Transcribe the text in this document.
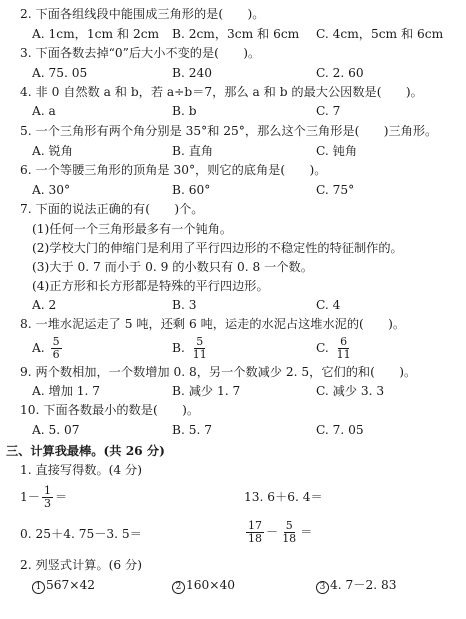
2. 下面各组线段中能围成三角形的是(　　)。
A. 1cm，1cm 和 2cm B. 2cm，3cm 和 6cm C. 4cm，5cm 和 6cm
3. 下面各数去掉“0”后大小不变的是(　　)。
A. 75. 05	B. 240	C. 2. 60
4. 非 0 自然数 a 和 b，若 a÷b＝7，那么 a 和 b 的最大公因数是(　　)。
A. a	B. b	C. 7
5. 一个三角形有两个角分别是 35°和 25°，那么这个三角形是(　　)三角形。
A. 锐角	B. 直角	C. 钝角
6. 一个等腰三角形的顶角是 30°，则它的底角是(　　)。
A. 30°	B. 60°	C. 75°
7. 下面的说法正确的有(　　)个。
(1)任何一个三角形最多有一个钝角。
(2)学校大门的伸缩门是利用了平行四边形的不稳定性的特征制作的。
(3)大于 0. 7 而小于 0. 9 的小数只有 0. 8 一个数。
(4)正方形和长方形都是特殊的平行四边形。
A. 2	B. 3	C. 4
8. 一堆水泥运走了 5 吨，还剩 6 吨，运走的水泥占这堆水泥的(　　)。
A. $\frac{5}{6}$	B. $\frac{5}{11}$	C. $\frac{6}{11}$
9. 两个数相加，一个数增加 0. 8，另一个数减少 2. 5，它们的和(　　)。
A. 增加 1. 7	B. 减少 1. 7	C. 减少 3. 3
10. 下面各数最小的数是(　　)。
A. 5. 07	B. 5. 7	C. 7. 05
三、计算我最棒。(共 26 分)
1. 直接写得数。(4 分)
$1- \frac{1}{3}$ ＝	13. 6＋6. 4＝
0. 25＋4. 75－3. 5＝	$\frac{17}{18} - \frac{5}{18}$ ＝
2. 列竖式计算。(6 分)
1 567×42	2 160×40	3 4. 7－2. 83
